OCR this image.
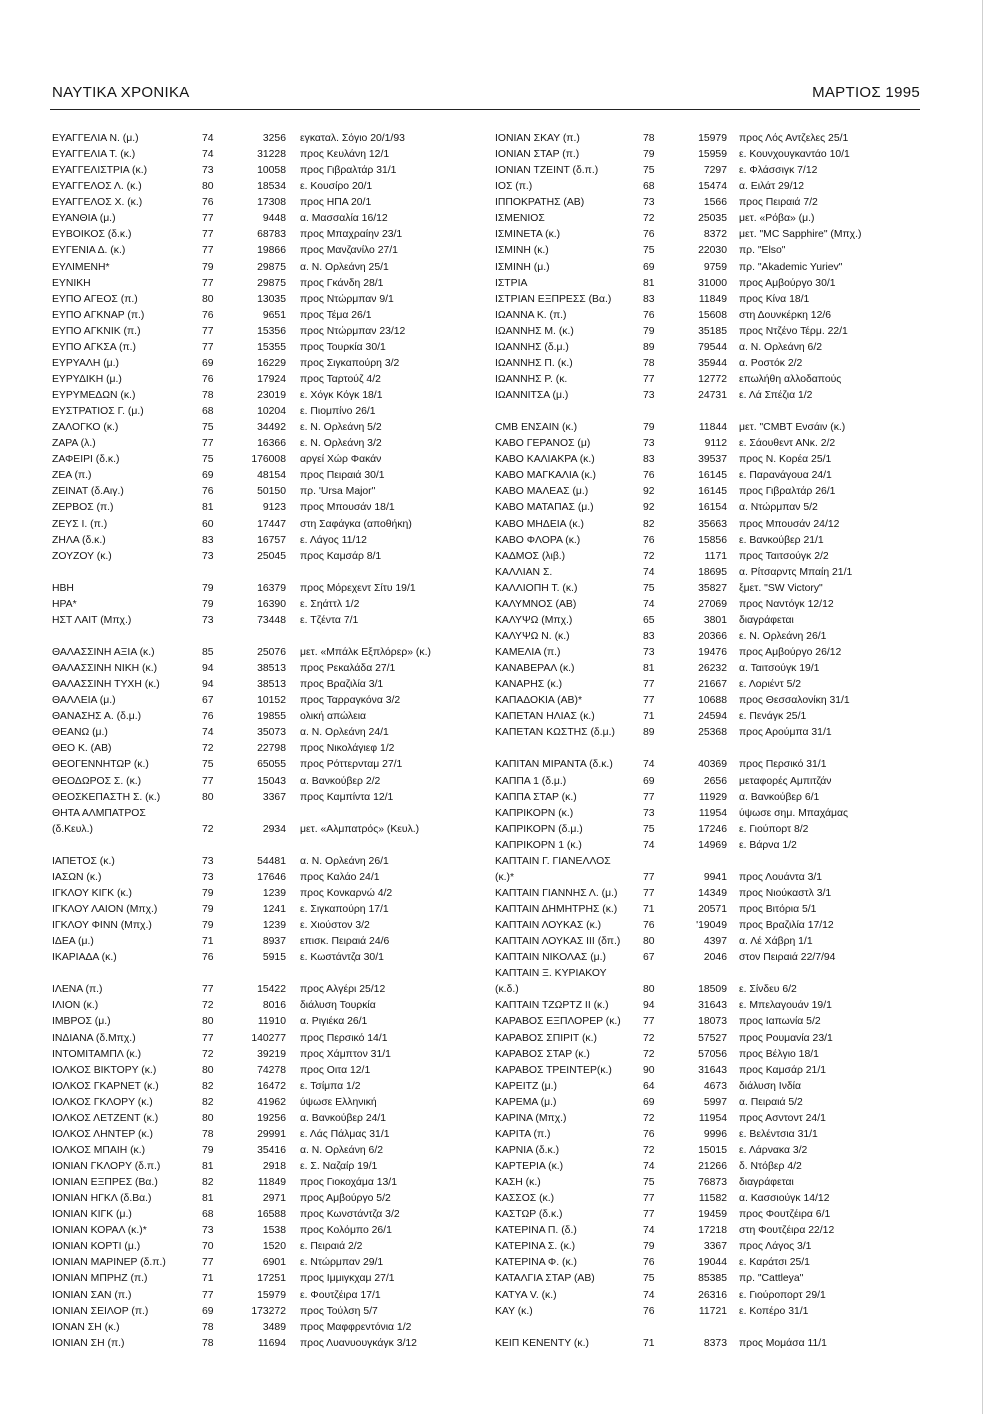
ΝΑΥΤΙΚΑ ΧΡΟΝΙΚΑ	ΜΑΡΤΙΟΣ 1995
ΕΥΑΓΓΕΛΙΑ Ν. (μ.)	74	3256 εγκαταλ. Σόγιο 20/1/93
ΕΥΑΓΓΕΛΙΑ Τ. (κ.)	74	31228 προς Κευλάνη 12/1
ΕΥΑΓΓΕΛΙΣΤΡΙΑ (κ.)	73	10058 προς Γιβραλτάρ 31/1
ΕΥΑΓΓΕΛΟΣ Λ. (κ.)	80	18534 ε. Κουσίρο 20/1
ΕΥΑΓΓΕΛΟΣ Χ. (κ.)	76	17308 προς ΗΠΑ 20/1
ΕΥΑΝΘΙΑ (μ.)	77	9448 α. Μασσαλία 16/12
ΕΥΒΟΙΚΟΣ (δ.κ.)	77	68783 προς Μπαχραίην 23/1
ΕΥΓΕΝΙΑ Δ. (κ.)	77	19866 προς Μανζανίλο 27/1
ΕΥΛΙΜΕΝΗ*	79	29875 α. Ν. Ορλεάνη 25/1
ΕΥΝΙΚΗ	77	29875 προς Γκάνδη 28/1
ΕΥΠΟ ΑΓΕΟΣ (π.)	80	13035 προς Ντώρμπαν 9/1
ΕΥΠΟ ΑΓΚΝΑΡ (π.)	76	9651 προς Τέμα 26/1
ΕΥΠΟ ΑΓΚΝΙΚ (π.)	77	15356 προς Ντώρμπαν 23/12
ΕΥΠΟ ΑΓΚΣΑ (π.)	77	15355 προς Τουρκία 30/1
ΕΥΡΥΑΛΗ (μ.)	69	16229 προς Σιγκαπούρη 3/2
ΕΥΡΥΔΙΚΗ (μ.)	76	17924 προς Ταρτούζ 4/2
ΕΥΡΥΜΕΔΩΝ (κ.)	78	23019 ε. Χόγκ Κόγκ 18/1
ΕΥΣΤΡΑΤΙΟΣ Γ. (μ.)	68	10204 ε. Πιομπίνο 26/1
ΖΑΛΟΓΚΟ (κ.)	75	34492 ε. Ν. Ορλεάνη 5/2
ΖΑΡΑ (λ.)	77	16366 ε. Ν. Ορλεάνη 3/2
ΖΑΦΕΙΡΙ (δ.κ.)	75	176008 αργεί Χώρ Φακάν
ΖΕΑ (π.)	69	48154 προς Πειραιά 30/1
ΖΕΙΝΑΤ (δ.Αιγ.)	76	50150 πρ. 'Ursa Major"
ΖΕΡΒΟΣ (π.)	81	9123 προς Μπουσάν 18/1
ΖΕΥΣ Ι. (π.)	60	17447 στη Σαφάγκα (αποθήκη)
ΖΗΛΑ (δ.κ.)	83	16757 ε. Λάγος 11/12
ΖΟΥΖΟΥ (κ.)	73	25045 προς Καμσάρ 8/1
ΗΒΗ	79	16379 προς Μόρεχεντ Σίτυ 19/1
ΗΡΑ*	79	16390 ε. Σηάττλ 1/2
ΗΣΤ ΛΑΙΤ (Μπχ.)	73	73448 ε. Τζέντα 7/1
ΘΑΛΑΣΣΙΝΗ ΑΞΙΑ (κ.)	85	25076 μετ. «Μπάλκ Εξπλόρερ» (κ.)
ΘΑΛΑΣΣΙΝΗ ΝΙΚΗ (κ.)	94	38513 προς Ρεκαλάδα 27/1
ΘΑΛΑΣΣΙΝΗ ΤΥΧΗ (κ.)	94	38513 προς Βραζιλία 3/1
ΘΑΛΛΕΙΑ (μ.)	67	10152 προς Ταρραγκόνα 3/2
ΘΑΝΑΣΗΣ Α. (δ.μ.)	76	19855 ολική απώλεια
ΘΕΑΝΩ (μ.)	74	35073 α. Ν. Ορλεάνη 24/1
ΘΕΟ Κ. (ΑΒ)	72	22798 προς Νικολάγιεφ 1/2
ΘΕΟΓΕΝΝΗΤΩΡ (κ.)	75	65055 προς Ρόττερνταμ 27/1
ΘΕΟΔΩΡΟΣ Σ. (κ.)	77	15043 α. Βανκούβερ 2/2
ΘΕΟΣΚΕΠΑΣΤΗ Σ. (κ.)	80	3367 προς Καμπίντα 12/1
ΘΗΤΑ ΑΛΜΠΑΤΡΟΣ
(δ.Κευλ.)	72	2934 μετ. «Αλμπατρός» (Κευλ.)
ΙΑΠΕΤΟΣ (κ.)	73	54481 α. Ν. Ορλεάνη 26/1
ΙΑΣΩΝ (κ.)	73	17646 προς Καλάο 24/1
ΙΓΚΛΟΥ ΚΙΓΚ (κ.)	79	1239 προς Κονκαρνώ 4/2
ΙΓΚΛΟΥ ΛΑΙΟΝ (Μπχ.)	79	1241 ε. Σιγκαπούρη 17/1
ΙΓΚΛΟΥ ΦΙΝΝ (Μπχ.)	79	1239 ε. Χιούστον 3/2
ΙΔΕΑ (μ.)	71	8937 επισκ. Πειραιά 24/6
ΙΚΑΡΙΑΔΑ (κ.)	76	5915 ε. Κωστάντζα 30/1
ΙΛΕΝΑ (π.)	77	15422 προς Αλγέρι 25/12
ΙΛΙΟΝ (κ.)	72	8016 διάλυση Τουρκία
ΙΜΒΡΟΣ (μ.)	80	11910 α. Ριγιέκα 26/1
ΙΝΔΙΑΝΑ (δ.Μπχ.)	77	140277 προς Περσικό 14/1
ΙΝΤΟΜΙΤΑΜΠΛ (κ.)	72	39219 προς Χάμπτον 31/1
ΙΟΛΚΟΣ ΒΙΚΤΟΡΥ (κ.)	80	74278 προς Οιτα 12/1
ΙΟΛΚΟΣ ΓΚΑΡΝΕΤ (κ.)	82	16472 ε. Τσίμπα 1/2
ΙΟΛΚΟΣ ΓΚΛΟΡΥ (κ.)	82	41962 ύψωσε Ελληνική
ΙΟΛΚΟΣ ΛΕΤΖΕΝΤ (κ.)	80	19256 α. Βανκούβερ 24/1
ΙΟΛΚΟΣ ΛΗΝΤΕΡ (κ.)	78	29991 ε. Λάς Πάλμας 31/1
ΙΟΛΚΟΣ ΜΠΑΙΗ (κ.)	79	35416 α. Ν. Ορλεάνη 6/2
ΙΟΝΙΑΝ ΓΚΛΟΡΥ (δ.π.)	81	2918 ε. Σ. Ναζαίρ 19/1
ΙΟΝΙΑΝ ΕΞΠΡΕΣ (Βα.)	82	11849 προς Γιοκοχάμα 13/1
ΙΟΝΙΑΝ ΗΓΚΛ (δ.Βα.)	81	2971 προς Αμβούργο 5/2
ΙΟΝΙΑΝ ΚΙΓΚ (μ.)	68	16588 προς Κωνστάντζα 3/2
ΙΟΝΙΑΝ ΚΟΡΑΛ (κ.)*	73	1538 προς Κολόμπο 26/1
ΙΟΝΙΑΝ ΚΟΡΤΙ (μ.)	70	1520 ε. Πειραιά 2/2
ΙΟΝΙΑΝ ΜΑΡΙΝΕΡ (δ.π.)	77	6901 ε. Ντώρμπαν 29/1
ΙΟΝΙΑΝ ΜΠΡΗΖ (π.)	71	17251 προς Ιμμιγκχαμ 27/1
ΙΟΝΙΑΝ ΣΑΝ (π.)	77	15979 ε. Φουτζέιρα 17/1
ΙΟΝΙΑΝ ΣΕΙΛΟΡ (π.)	69	173272 προς Τούλση 5/7
ΙΟΝΑΝ ΣΗ (κ.)	78	3489 προς Μαφφρεντόνια 1/2
ΙΟΝΙΑΝ ΣΗ (π.)	78	11694 προς Λυανυουγκάγκ 3/12
ΙΟΝΙΑΝ ΣΚΑΥ (π.)	78	15979 προς Λός Αντζελες 25/1
ΙΟΝΙΑΝ ΣΤΑΡ (π.)	79	15959 ε. Κουνχουγκαντάο 10/1
ΙΟΝΙΑΝ ΤΖΕΙΝΤ (δ.π.)	75	7297 ε. Φλάσσιγκ 7/12
ΙΟΣ (π.)	68	15474 α. Ειλάτ 29/12
ΙΠΠΟΚΡΑΤΗΣ (ΑΒ)	73	1566 προς Πειραιά 7/2
ΙΣΜΕΝΙΟΣ	72	25035 μετ. «Ρόβα» (μ.)
ΙΣΜΙΝΕΤΑ (κ.)	76	8372 μετ. "MC Sapphire" (Μπχ.)
ΙΣΜΙΝΗ (κ.)	75	22030 πρ. "Elso"
ΙΣΜΙΝΗ (μ.)	69	9759 πρ. "Akademic Yuriev"
ΙΣΤΡΙΑ	81	31000 προς Αμβούργο 30/1
ΙΣΤΡΙΑΝ ΕΞΠΡΕΣΣ (Βα.)	83	11849 προς Κίνα 18/1
ΙΩΑΝΝΑ Κ. (π.)	76	15608 στη Δουνκέρκη 12/6
ΙΩΑΝΝΗΣ Μ. (κ.)	79	35185 προς Ντζένο Τέρμ. 22/1
ΙΩΑΝΝΗΣ (δ.μ.)	89	79544 α. Ν. Ορλεάνη 6/2
ΙΩΑΝΝΗΣ Π. (κ.)	78	35944 α. Ροστόκ 2/2
ΙΩΑΝΝΗΣ Ρ. (κ.	77	12772 επωλήθη αλλοδαπούς
ΙΩΑΝΝΙΤΣΑ (μ.)	73	24731 ε. Λά Σπέζια 1/2
CMB ΕΝΣΑΙΝ (κ.)	79	11844 μετ. "CMBT Ενσάιν (κ.)
ΚΑΒΟ ΓΕΡΑΝΟΣ (μ)	73	9112 ε. Σάουθεντ ΑΝκ. 2/2
ΚΑΒΟ ΚΑΛΙΑΚΡΑ (κ.)	83	39537 προς Ν. Κορέα 25/1
ΚΑΒΟ ΜΑΓΚΑΛΙΑ (κ.)	76	16145 ε. Παρανάγουα 24/1
ΚΑΒΟ ΜΑΛΕΑΣ (μ.)	92	16145 προς Γιβραλτάρ 26/1
ΚΑΒΟ ΜΑΤΑΠΑΣ (μ.)	92	16154 α. Ντώρμπαν 5/2
ΚΑΒΟ ΜΗΔΕΙΑ (κ.)	82	35663 προς Μπουσάν 24/12
ΚΑΒΟ ΦΛΟΡΑ (κ.)	76	15856 ε. Βανκούβερ 21/1
ΚΑΔΜΟΣ (λιβ.)	72	1171 προς Ταιτσούγκ 2/2
ΚΑΛΛΙΑΝ Σ.	74	18695 α. Ρίτσαρντς Μπαίη 21/1
ΚΑΛΛΙΟΠΗ Τ. (κ.)	75	35827 ξμετ. "SW Victory"
ΚΑΛΥΜΝΟΣ (ΑΒ)	74	27069 προς Ναντόγκ 12/12
ΚΑΛΥΨΩ (Μπχ.)	65	3801 διαγράφεται
ΚΑΛΥΨΩ Ν. (κ.)	83	20366 ε. Ν. Ορλεάνη 26/1
ΚΑΜΕΛΙΑ (π.)	73	19476 προς Αμβούργο 26/12
ΚΑΝΑΒΕΡΑΛ (κ.)	81	26232 α. Ταιτσούγκ 19/1
ΚΑΝΑΡΗΣ (κ.)	77	21667 ε. Λοριέντ 5/2
ΚΑΠΑΔΟΚΙΑ (ΑΒ)*	77	10688 προς Θεσσαλονίκη 31/1
ΚΑΠΕΤΑΝ ΗΛΙΑΣ (κ.)	71	24594 ε. Πενάγκ 25/1
ΚΑΠΕΤΑΝ ΚΩΣΤΗΣ (δ.μ.)	89	25368 προς Αρούμπα 31/1
ΚΑΠΙΤΑΝ ΜΙΡΑΝΤΑ (δ.κ.)	74	40369 προς Περσικό 31/1
ΚΑΠΠΑ 1 (δ.μ.)	69	2656 μεταφορές Αμπιτζάν
ΚΑΠΠΑ ΣΤΑΡ (κ.)	77	11929 α. Βανκούβερ 6/1
ΚΑΠΡΙΚΟΡΝ (κ.)	73	11954 ύψωσε σημ. Μπαχάμας
ΚΑΠΡΙΚΟΡΝ (δ.μ.)	75	17246 ε. Γιούπορτ 8/2
ΚΑΠΡΙΚΟΡΝ 1 (κ.)	74	14969 ε. Βάρνα 1/2
ΚΑΠΤΑΙΝ Γ. ΓΙΑΝΕΛΛΟΣ
(κ.)*	77	9941 προς Λουάντα 3/1
ΚΑΠΤΑΙΝ ΓΙΑΝΝΗΣ Λ. (μ.) 77	14349 προς Νιούκαστλ 3/1
ΚΑΠΤΑΙΝ ΔΗΜΗΤΡΗΣ (κ.) 71	20571 προς Βιτόρια 5/1
ΚΑΠΤΑΙΝ ΛΟΥΚΑΣ (κ.)	76	'19049 προς Βραζιλία 17/12
ΚΑΠΤΑΙΝ ΛΟΥΚΑΣ ΙΙΙ (δπ.) 80	4397 α. Λέ Χάβρη 1/1
ΚΑΠΤΑΙΝ ΝΙΚΟΛΑΣ (μ.)	67	2046 στον Πειραιά 22/7/94
ΚΑΠΤΑΙΝ Ξ. ΚΥΡΙΑΚΟΥ
(κ.δ.)	80	18509 ε. Σίνδευ 6/2
ΚΑΠΤΑΙΝ ΤΖΩΡΤΖ ΙΙ (κ.)	94	31643 ε. Μπελαγουάν 19/1
ΚΑΡΑΒΟΣ ΕΞΠΛΟΡΕΡ (κ.) 77	18073 προς Ιαπωνία 5/2
ΚΑΡΑΒΟΣ ΣΠΙΡΙΤ (κ.)	72	57527 προς Ρουμανία 23/1
ΚΑΡΑΒΟΣ ΣΤΑΡ (κ.)	72	57056 προς Βέλγιο 18/1
ΚΑΡΑΒΟΣ ΤΡΕΙΝΤΕΡ(κ.)	90	31643 προς Καμσάρ 21/1
ΚΑΡΕΙΤΖ (μ.)	64	4673 διάλυση Ινδία
ΚΑΡΕΜΑ (μ.)	69	5997 α. Πειραιά 5/2
ΚΑΡΙΝΑ (Μπχ.)	72	11954 προς Ασντοντ 24/1
ΚΑΡΙΤΑ (π.)	76	9996 ε. Βελέντσια 31/1
ΚΑΡΝΙΑ (δ.κ.)	72	15015 ε. Λάρνακα 3/2
ΚΑΡΤΕΡΙΑ (κ.)	74	21266 δ. Ντόβερ 4/2
ΚΑΣΗ (κ.)	75	76873 διαγράφεται
ΚΑΣΣΟΣ (κ.)	77	11582 α. Κασσιούγκ 14/12
ΚΑΣΤΩΡ (δ.κ.)	77	19459 προς Φουτζέιρα 6/1
ΚΑΤΕΡΙΝΑ Π. (δ.)	74	17218 στη Φουτζέιρα 22/12
ΚΑΤΕΡΙΝΑ Σ. (κ.)	79	3367 προς Λάγος 3/1
ΚΑΤΕΡΙΝΑ Φ. (κ.)	76	19044 ε. Καράτσι 25/1
ΚΑΤΑΛΓΙΑ ΣΤΑΡ (ΑΒ)	75	85385 πρ. "Cattleya"
ΚΑΤΥΑ V. (κ.)	74	26316 ε. Γιούροπορτ 29/1
ΚΑΥ (κ.)	76	11721 ε. Κοπέρο 31/1
ΚΕΙΠ ΚΕΝΕΝΤΥ (κ.)	71	8373 προς Μομάσα 11/1
